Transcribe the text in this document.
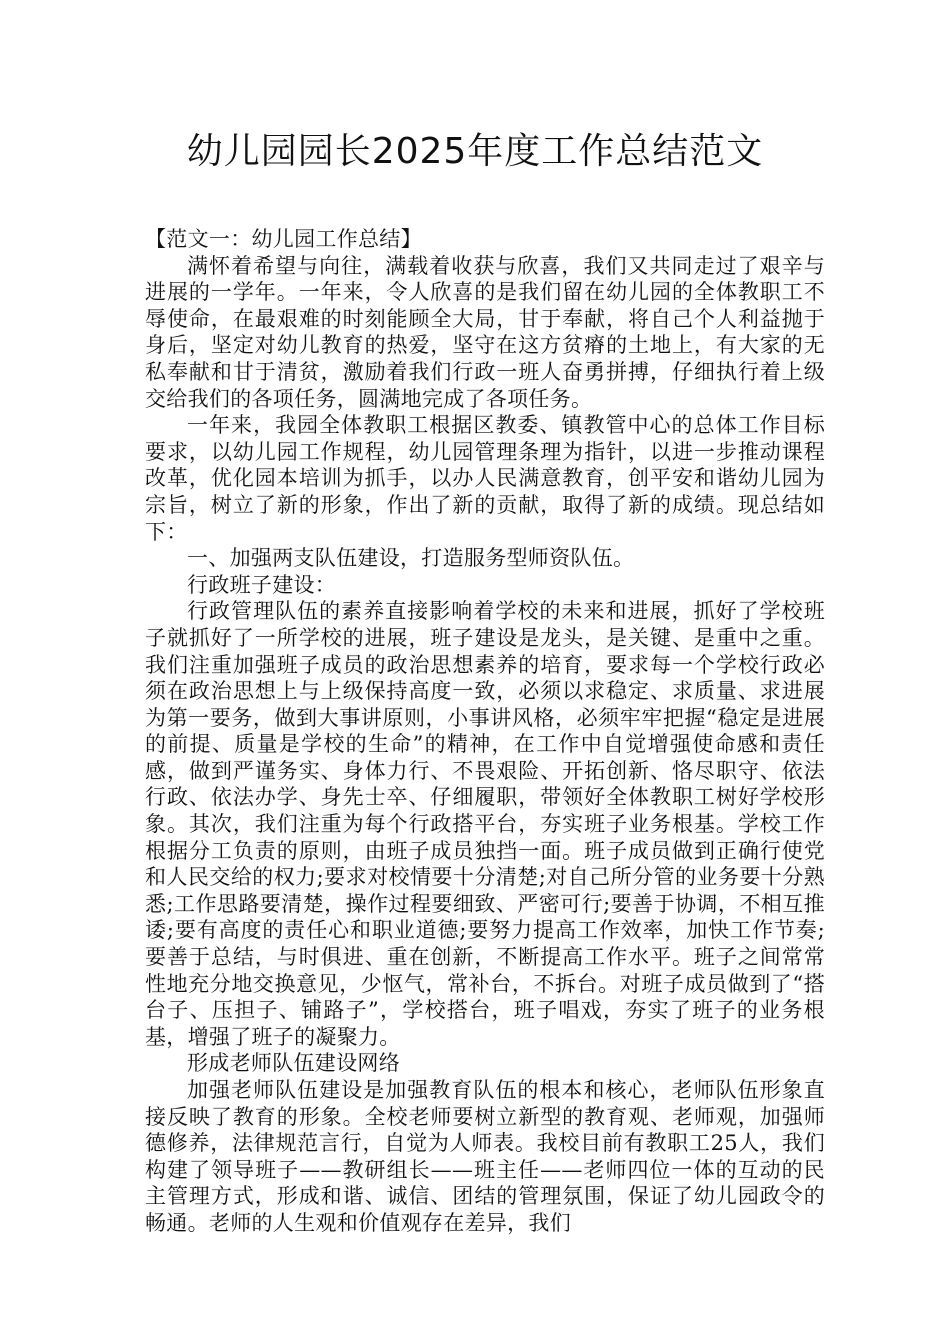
幼儿园园长2025年度工作总结范文

【范文一：幼儿园工作总结】

满怀着希望与向往，满载着收获与欣喜，我们又共同走过了艰辛与进展的一学年。一年来，令人欣喜的是我们留在幼儿园的全体教职工不辱使命，在最艰难的时刻能顾全大局，甘于奉献，将自己个人利益抛于身后，坚定对幼儿教育的热爱，坚守在这方贫瘠的土地上，有大家的无私奉献和甘于清贫，激励着我们行政一班人奋勇拼搏，仔细执行着上级交给我们的各项任务，圆满地完成了各项任务。

一年来，我园全体教职工根据区教委、镇教管中心的总体工作目标要求，以幼儿园工作规程，幼儿园管理条理为指针，以进一步推动课程改革，优化园本培训为抓手，以办人民满意教育，创平安和谐幼儿园为宗旨，树立了新的形象，作出了新的贡献，取得了新的成绩。现总结如下：

一、加强两支队伍建设，打造服务型师资队伍。

行政班子建设：

行政管理队伍的素养直接影响着学校的未来和进展，抓好了学校班子就抓好了一所学校的进展，班子建设是龙头，是关键、是重中之重。我们注重加强班子成员的政治思想素养的培育，要求每一个学校行政必须在政治思想上与上级保持高度一致，必须以求稳定、求质量、求进展为第一要务，做到大事讲原则，小事讲风格，必须牢牢把握“稳定是进展的前提、质量是学校的生命”的精神，在工作中自觉增强使命感和责任感，做到严谨务实、身体力行、不畏艰险、开拓创新、恪尽职守、依法行政、依法办学、身先士卒、仔细履职，带领好全体教职工树好学校形象。其次，我们注重为每个行政搭平台，夯实班子业务根基。学校工作根据分工负责的原则，由班子成员独挡一面。班子成员做到正确行使党和人民交给的权力;要求对校情要十分清楚;对自己所分管的业务要十分熟悉;工作思路要清楚，操作过程要细致、严密可行;要善于协调，不相互推诿;要有高度的责任心和职业道德;要努力提高工作效率，加快工作节奏;要善于总结，与时俱进、重在创新，不断提高工作水平。班子之间常常性地充分地交换意见，少怄气，常补台，不拆台。对班子成员做到了“搭台子、压担子、铺路子”，学校搭台，班子唱戏，夯实了班子的业务根基，增强了班子的凝聚力。

形成老师队伍建设网络

加强老师队伍建设是加强教育队伍的根本和核心，老师队伍形象直接反映了教育的形象。全校老师要树立新型的教育观、老师观，加强师德修养，法律规范言行，自觉为人师表。我校目前有教职工25人，我们构建了领导班子——教研组长——班主任——老师四位一体的互动的民主管理方式，形成和谐、诚信、团结的管理氛围，保证了幼儿园政令的畅通。老师的人生观和价值观存在差异，我们
